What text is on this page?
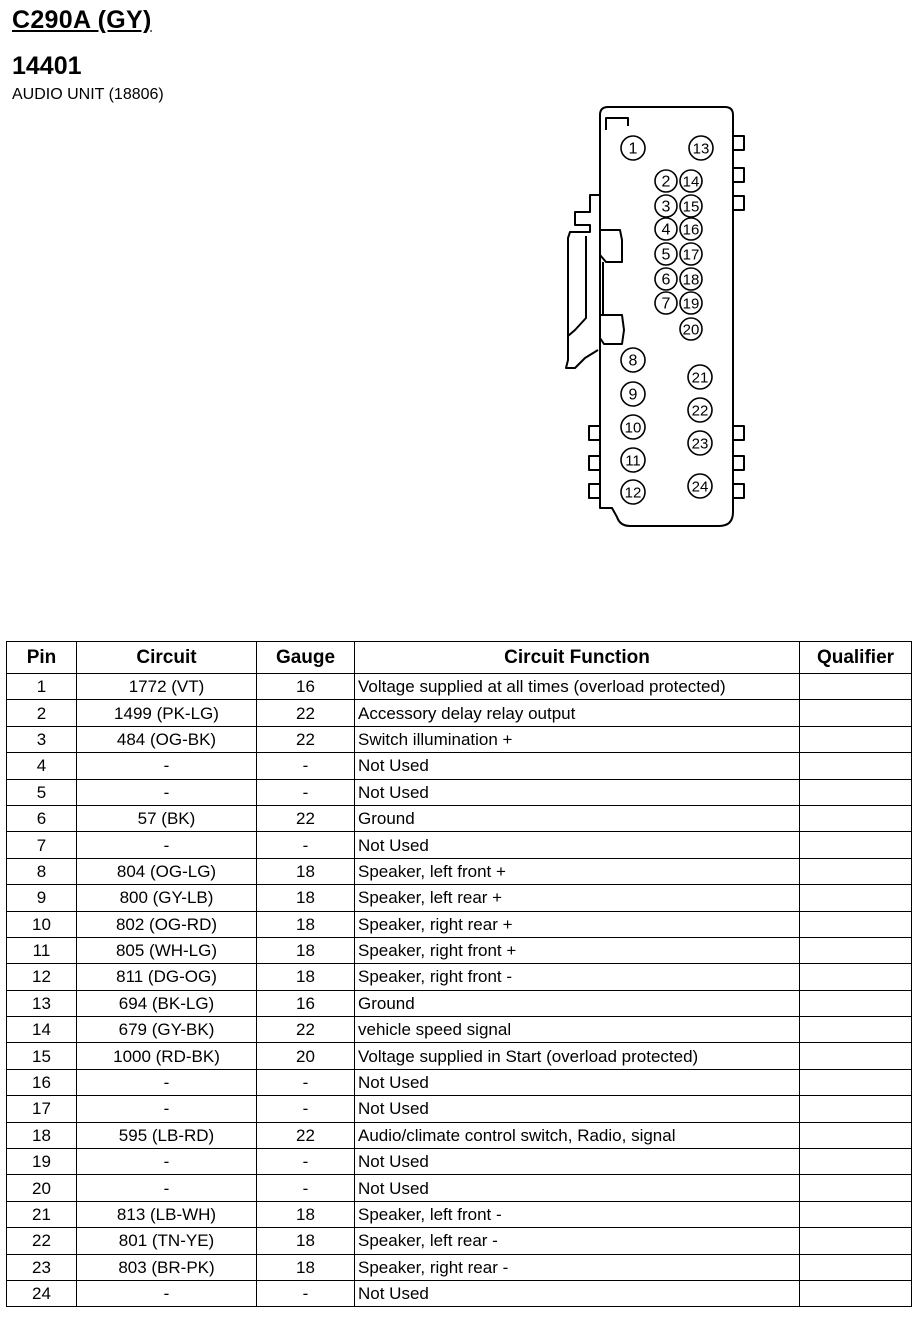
C290A (GY)
14401
AUDIO UNIT (18806)
1
2
3
4
5
6
7
8
9
10
11
12
13
14
15
16
17
18
19
20
21
22
23
24
Pin	Circuit	Gauge	Circuit Function	Qualifier
1	1772 (VT)	16	Voltage supplied at all times (overload protected)	
2	1499 (PK-LG)	22	Accessory delay relay output	
3	484 (OG-BK)	22	Switch illumination +	
4	-	-	Not Used	
5	-	-	Not Used	
6	57 (BK)	22	Ground	
7	-	-	Not Used	
8	804 (OG-LG)	18	Speaker, left front +	
9	800 (GY-LB)	18	Speaker, left rear +	
10	802 (OG-RD)	18	Speaker, right rear +	
11	805 (WH-LG)	18	Speaker, right front +	
12	811 (DG-OG)	18	Speaker, right front -	
13	694 (BK-LG)	16	Ground	
14	679 (GY-BK)	22	vehicle speed signal	
15	1000 (RD-BK)	20	Voltage supplied in Start (overload protected)	
16	-	-	Not Used	
17	-	-	Not Used	
18	595 (LB-RD)	22	Audio/climate control switch, Radio, signal	
19	-	-	Not Used	
20	-	-	Not Used	
21	813 (LB-WH)	18	Speaker, left front -	
22	801 (TN-YE)	18	Speaker, left rear -	
23	803 (BR-PK)	18	Speaker, right rear -	
24	-	-	Not Used	
